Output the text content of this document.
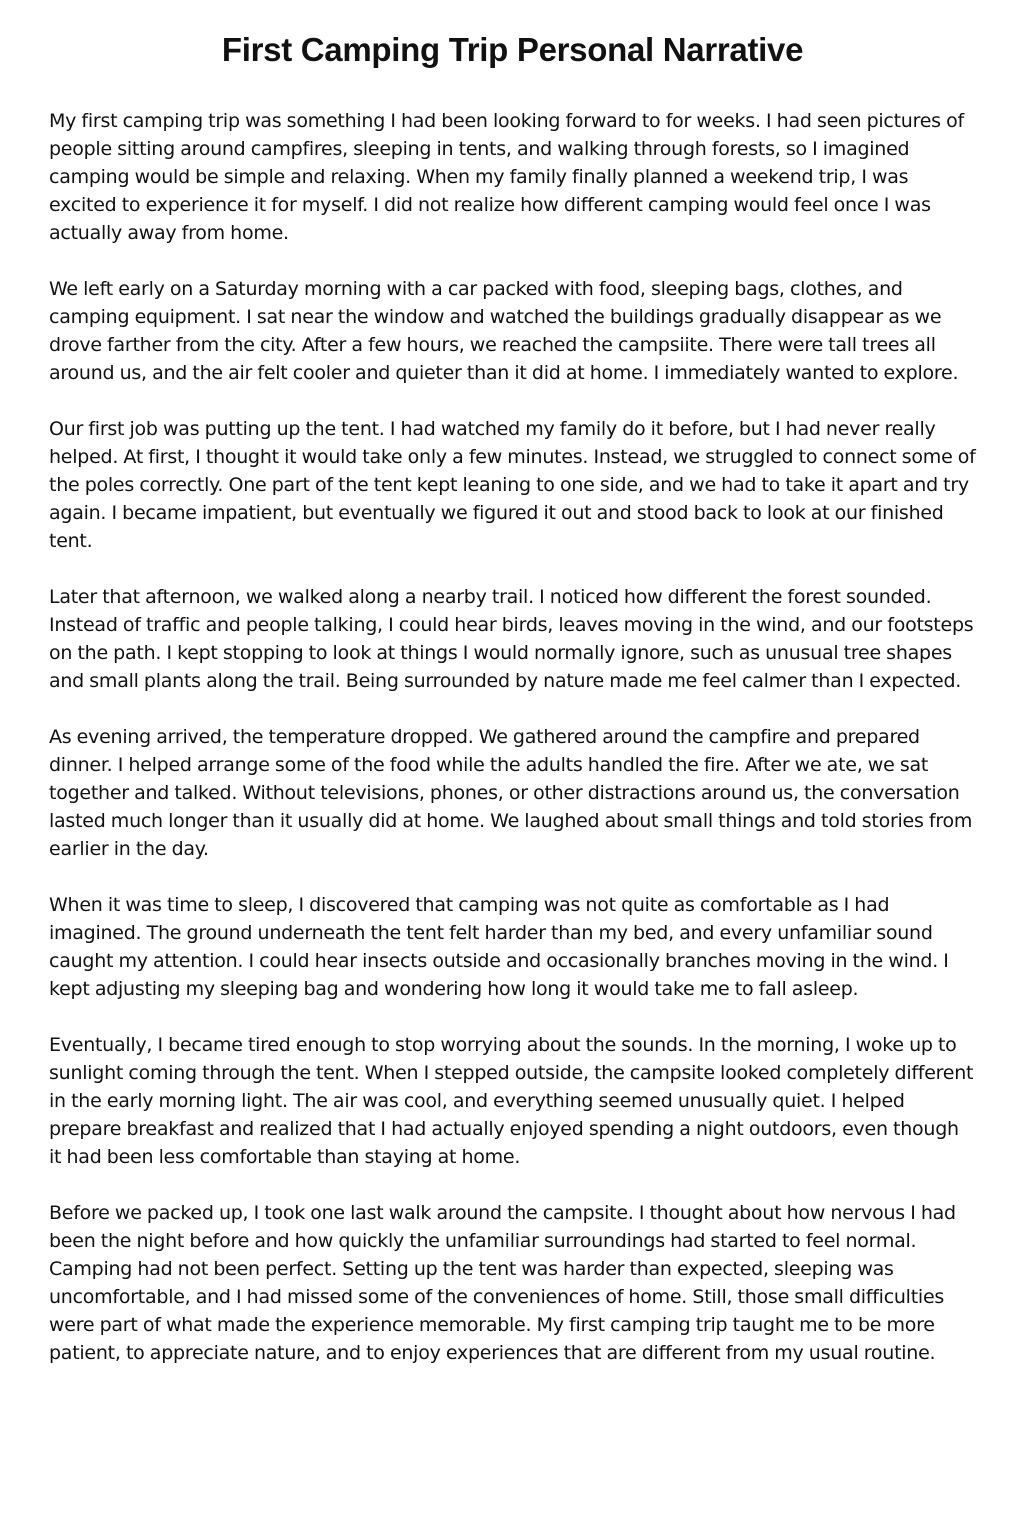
First Camping Trip Personal Narrative

My first camping trip was something I had been looking forward to for weeks. I had seen pictures of people sitting around campfires, sleeping in tents, and walking through forests, so I imagined camping would be simple and relaxing. When my family finally planned a weekend trip, I was excited to experience it for myself. I did not realize how different camping would feel once I was actually away from home.

We left early on a Saturday morning with a car packed with food, sleeping bags, clothes, and camping equipment. I sat near the window and watched the buildings gradually disappear as we drove farther from the city. After a few hours, we reached the campsiite. There were tall trees all around us, and the air felt cooler and quieter than it did at home. I immediately wanted to explore.

Our first job was putting up the tent. I had watched my family do it before, but I had never really helped. At first, I thought it would take only a few minutes. Instead, we struggled to connect some of the poles correctly. One part of the tent kept leaning to one side, and we had to take it apart and try again. I became impatient, but eventually we figured it out and stood back to look at our finished tent.

Later that afternoon, we walked along a nearby trail. I noticed how different the forest sounded. Instead of traffic and people talking, I could hear birds, leaves moving in the wind, and our footsteps on the path. I kept stopping to look at things I would normally ignore, such as unusual tree shapes and small plants along the trail. Being surrounded by nature made me feel calmer than I expected.

As evening arrived, the temperature dropped. We gathered around the campfire and prepared dinner. I helped arrange some of the food while the adults handled the fire. After we ate, we sat together and talked. Without televisions, phones, or other distractions around us, the conversation lasted much longer than it usually did at home. We laughed about small things and told stories from earlier in the day.

When it was time to sleep, I discovered that camping was not quite as comfortable as I had imagined. The ground underneath the tent felt harder than my bed, and every unfamiliar sound caught my attention. I could hear insects outside and occasionally branches moving in the wind. I kept adjusting my sleeping bag and wondering how long it would take me to fall asleep.

Eventually, I became tired enough to stop worrying about the sounds. In the morning, I woke up to sunlight coming through the tent. When I stepped outside, the campsite looked completely different in the early morning light. The air was cool, and everything seemed unusually quiet. I helped prepare breakfast and realized that I had actually enjoyed spending a night outdoors, even though it had been less comfortable than staying at home.

Before we packed up, I took one last walk around the campsite. I thought about how nervous I had been the night before and how quickly the unfamiliar surroundings had started to feel normal. Camping had not been perfect. Setting up the tent was harder than expected, sleeping was uncomfortable, and I had missed some of the conveniences of home. Still, those small difficulties were part of what made the experience memorable. My first camping trip taught me to be more patient, to appreciate nature, and to enjoy experiences that are different from my usual routine.
